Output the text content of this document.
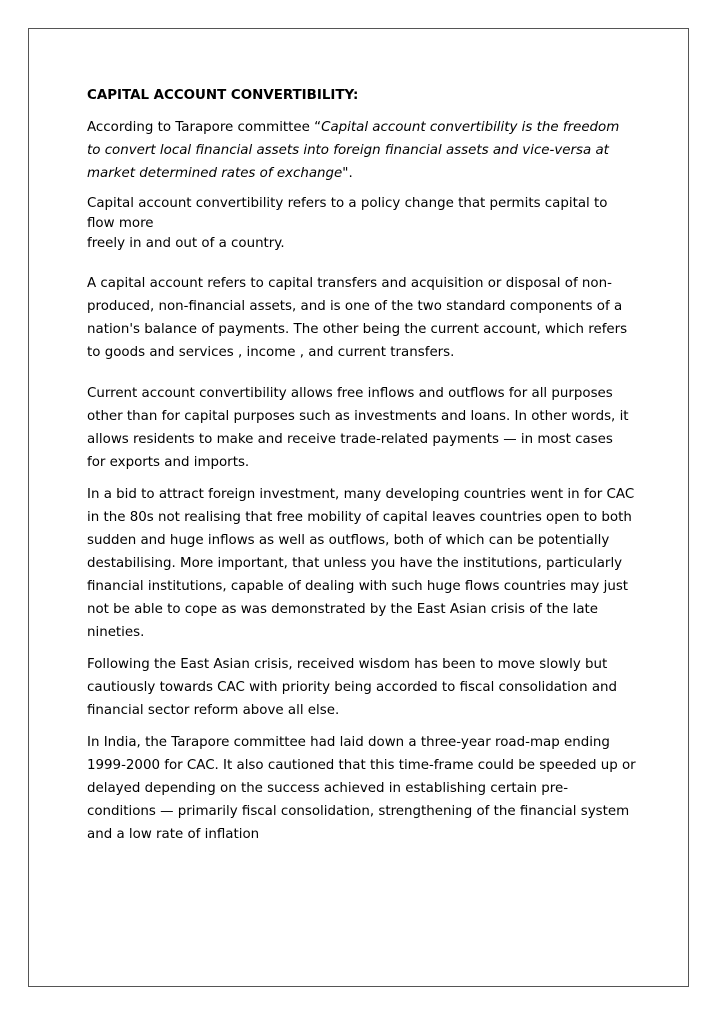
CAPITAL ACCOUNT CONVERTIBILITY:
According to Tarapore committee “Capital account convertibility is the freedom
to convert local financial assets into foreign financial assets and vice-versa at
market determined rates of exchange".
Capital account convertibility refers to a policy change that permits capital to
flow more
freely in and out of a country.
A capital account refers to capital transfers and acquisition or disposal of non-
produced, non-financial assets, and is one of the two standard components of a
nation's balance of payments. The other being the current account, which refers
to goods and services , income , and current transfers.
Current account convertibility allows free inflows and outflows for all purposes
other than for capital purposes such as investments and loans. In other words, it
allows residents to make and receive trade-related payments — in most cases
for exports and imports.
In a bid to attract foreign investment, many developing countries went in for CAC
in the 80s not realising that free mobility of capital leaves countries open to both
sudden and huge inflows as well as outflows, both of which can be potentially
destabilising. More important, that unless you have the institutions, particularly
financial institutions, capable of dealing with such huge flows countries may just
not be able to cope as was demonstrated by the East Asian crisis of the late
nineties.
Following the East Asian crisis, received wisdom has been to move slowly but
cautiously towards CAC with priority being accorded to fiscal consolidation and
financial sector reform above all else.
In India, the Tarapore committee had laid down a three-year road-map ending
1999-2000 for CAC. It also cautioned that this time-frame could be speeded up or
delayed depending on the success achieved in establishing certain pre-
conditions — primarily fiscal consolidation, strengthening of the financial system
and a low rate of inflation
